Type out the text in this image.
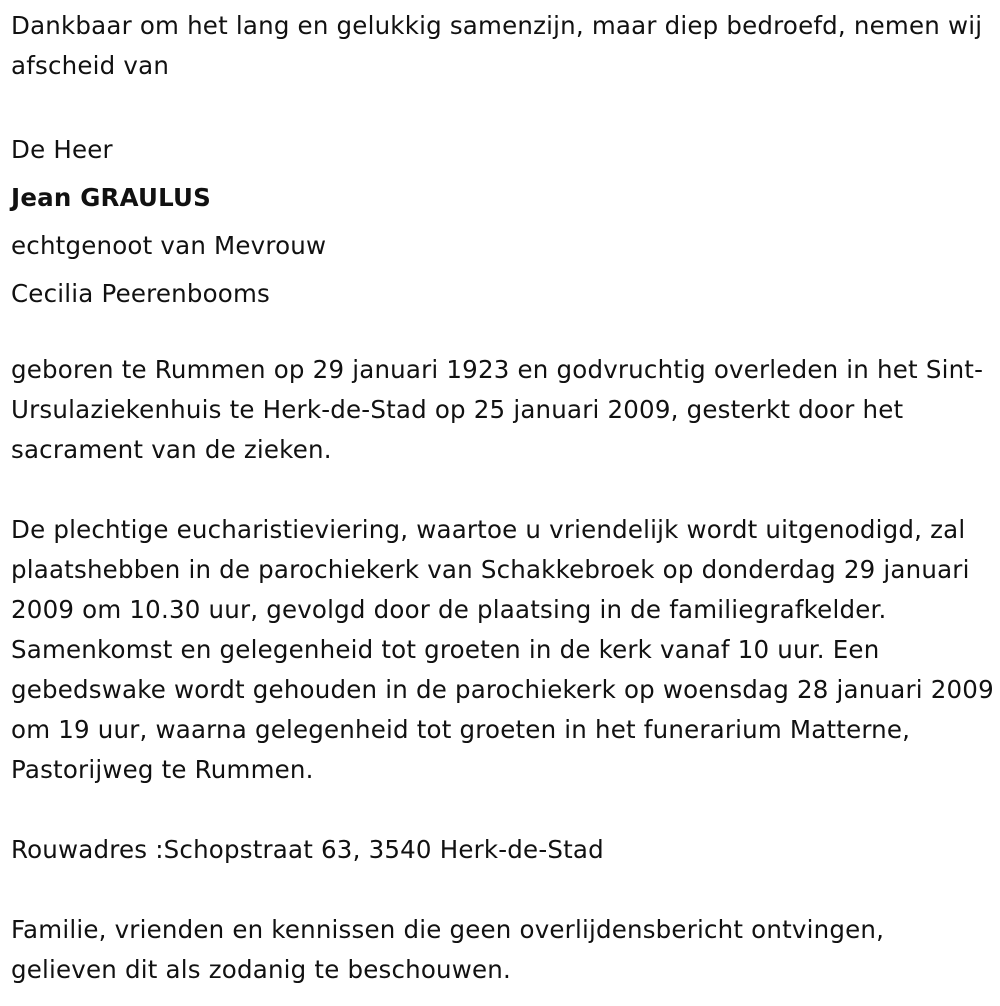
Dankbaar om het lang en gelukkig samenzijn, maar diep bedroefd, nemen wij afscheid van

De Heer

Jean GRAULUS

echtgenoot van Mevrouw

Cecilia Peerenbooms

geboren te Rummen op 29 januari 1923 en godvruchtig overleden in het Sint-Ursulaziekenhuis te Herk-de-Stad op 25 januari 2009, gesterkt door het sacrament van de zieken.

De plechtige eucharistieviering, waartoe u vriendelijk wordt uitgenodigd, zal plaatshebben in de parochiekerk van Schakkebroek op donderdag 29 januari 2009 om 10.30 uur, gevolgd door de plaatsing in de familiegrafkelder. Samenkomst en gelegenheid tot groeten in de kerk vanaf 10 uur. Een gebedswake wordt gehouden in de parochiekerk op woensdag 28 januari 2009 om 19 uur, waarna gelegenheid tot groeten in het funerarium Matterne, Pastorijweg te Rummen.

Rouwadres :Schopstraat 63, 3540 Herk-de-Stad

Familie, vrienden en kennissen die geen overlijdensbericht ontvingen, gelieven dit als zodanig te beschouwen.
